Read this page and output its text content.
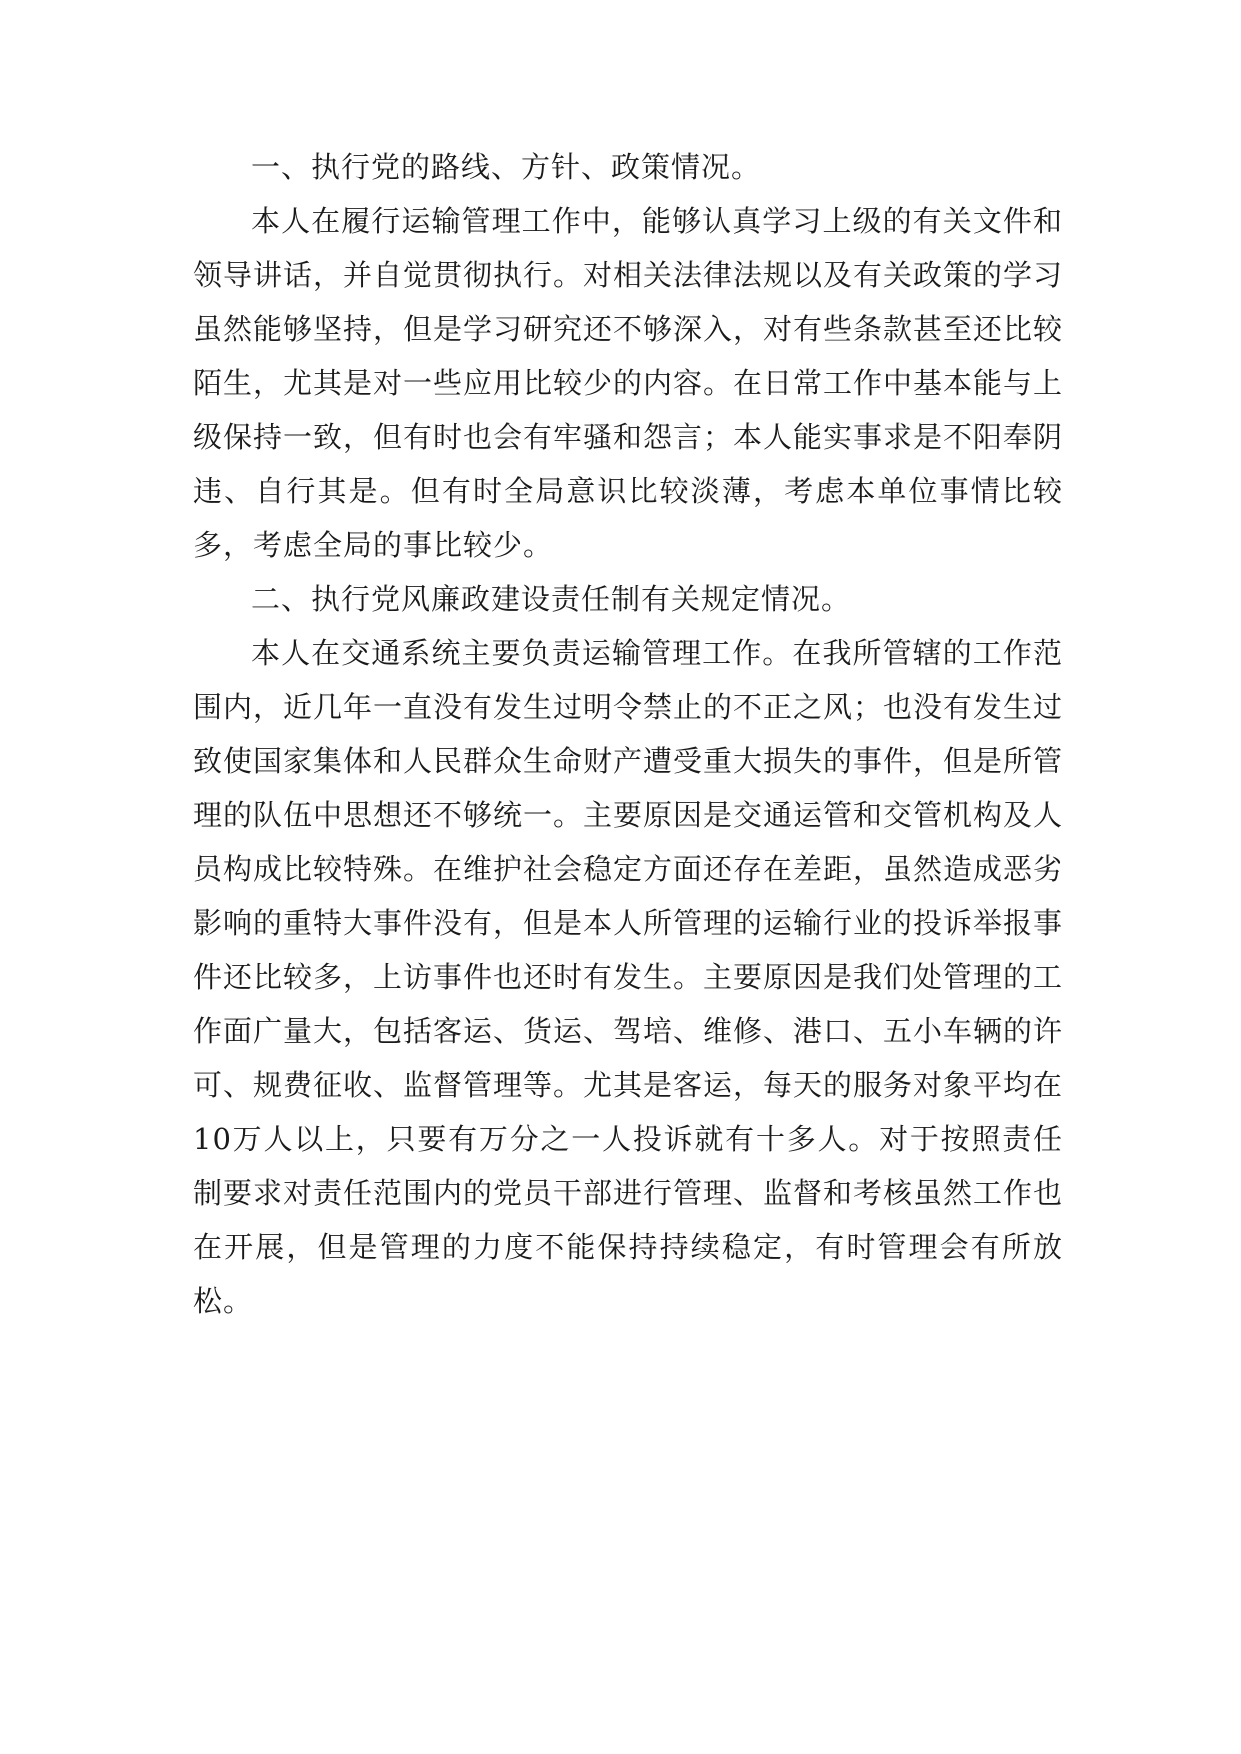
一、执行党的路线、方针、政策情况。

本人在履行运输管理工作中，能够认真学习上级的有关文件和领导讲话，并自觉贯彻执行。对相关法律法规以及有关政策的学习虽然能够坚持，但是学习研究还不够深入，对有些条款甚至还比较陌生，尤其是对一些应用比较少的内容。在日常工作中基本能与上级保持一致，但有时也会有牢骚和怨言；本人能实事求是不阳奉阴违、自行其是。但有时全局意识比较淡薄，考虑本单位事情比较多，考虑全局的事比较少。

二、执行党风廉政建设责任制有关规定情况。

本人在交通系统主要负责运输管理工作。在我所管辖的工作范围内，近几年一直没有发生过明令禁止的不正之风；也没有发生过致使国家集体和人民群众生命财产遭受重大损失的事件，但是所管理的队伍中思想还不够统一。主要原因是交通运管和交管机构及人员构成比较特殊。在维护社会稳定方面还存在差距，虽然造成恶劣影响的重特大事件没有，但是本人所管理的运输行业的投诉举报事件还比较多，上访事件也还时有发生。主要原因是我们处管理的工作面广量大，包括客运、货运、驾培、维修、港口、五小车辆的许可、规费征收、监督管理等。尤其是客运，每天的服务对象平均在10万人以上，只要有万分之一人投诉就有十多人。对于按照责任制要求对责任范围内的党员干部进行管理、监督和考核虽然工作也在开展，但是管理的力度不能保持持续稳定，有时管理会有所放松。
